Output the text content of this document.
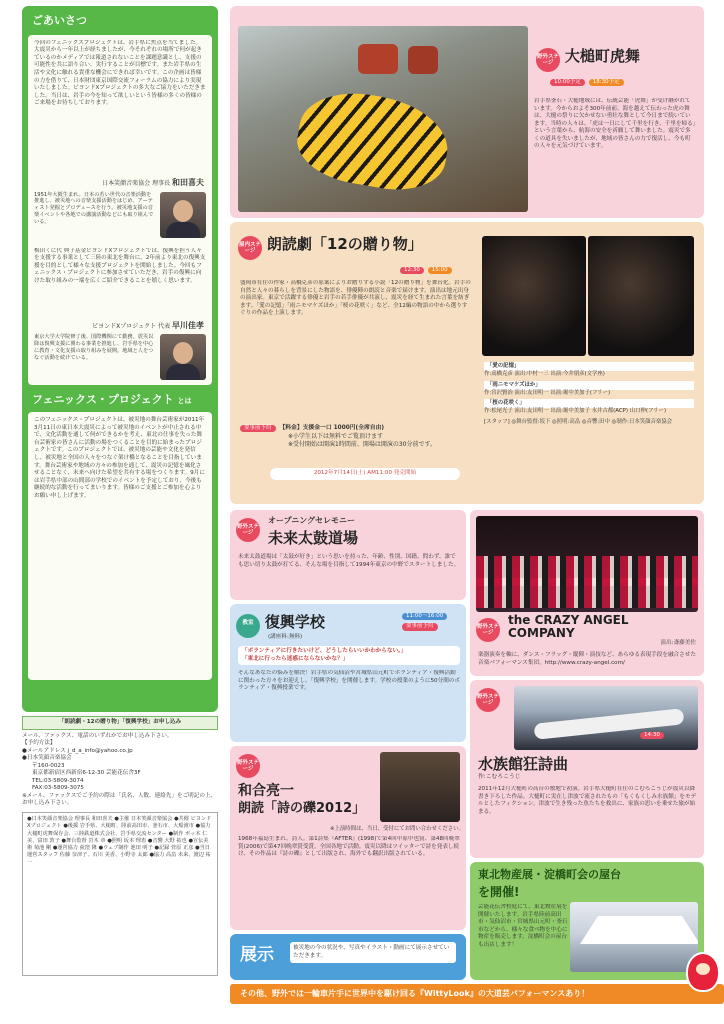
ごあいさつ
今回のフェニックスプロジェクトは、岩手県に焦点を当てました。大震災から一年以上が経ちましたが、今それぞれの場所で何が起きているのかメディアでは報道されないことを課題意識とし、支援の可能性を共に語り合い、実行することが目標です。また岩手県の生活や文化に触れる貴重な機会にできれば幸いです。この企画は皆様の力を借りて、日本財団東京国際交流フォーラムの協力により実現いたしました。ビヨンドXプロジェクトの多大なご協力をいただきました。当日は、岩手の今を知って欲しいという皆様の多くの皆様のご来場をお待ちしております。
日本笑顔音楽協会 理事長 和田喜夫

1951年大阪生まれ。日本の若い世代の音楽活動を推進し、被災地への音楽支援活動をはじめ、アーティスト発掘とプロデュースを行う。被災地支援の音楽イベントや各地での講演活動などにも取り組んでいる。

梅田くに代 典子基金ビヨンドXプロジェクトでは、復興を担う人々を支援する事業として三陸の東北を舞台に、2年前より東北の復興支援を目的として様々な支援プロジェクトを開始しました。今回もフェニックス・プロジェクトに参加させていただき、岩手の復興に向けた取り組みの一端を広くご紹介できることを嬉しく思います。
ビヨンドXプロジェクト 代表 早川佳孝

東京大学大学院修了後、国際機関にて勤務。震災以降は復興支援に関わる事業を推進し、岩手県を中心に教育・文化支援の取り組みを展開。地域と人をつなぐ活動を続けている。

フェニックス・プロジェクト とは
このフェニックス・プロジェクトは、被災地の舞台芸術家が2011年3月11日の東日本大震災によって被災地のイベントが中止される中で、文化活動を通して何ができるかを考え、東北の仕事を失った舞台芸術家の皆さんに活動の場をつくることを目的に始まったプロジェクトです。このプロジェクトでは、被災地の芸能や文化を発信し、被災地と全国の人々をつなぐ架け橋となることを目指しています。舞台芸術家や地域の方々の参加を通して、震災の記憶を風化させることなく、未来へ向けた希望を共有する場をつくります。9月には岩手県中部の山間部の学校でのイベントを予定しており、今後も継続的な活動を行ってまいります。皆様のご支援とご参加を心よりお願い申し上げます。
「朗読劇・12の贈り物」「復興学校」お申し込み
メール、ファックス、電話のいずれかでお申し込み下さい。
【予約方法】
●メールアドレス j_d_a_info@yahoo.co.jp
●日本笑顔音楽協会
〒160-0023
東京都新宿区西新宿6-12-30 芸能花伝舎3F
TEL:03-5809-3074
FAX:03-5809-3075
※メール、ファックスでご予約の際は「氏名、人数、連絡先」をご明記の上、お申し込み下さい。
●日本笑顔音楽協会 理事長 和田喜夫 ●主催 日本笑顔音楽協会 ●共催 ビヨンドXプロジェクト ●後援 岩手県、大槌町、陸前高田市、釜石市、大船渡市 ●協力 大槌町虎舞保存会、三陸鉄道株式会社、岩手県交流センター ●制作 ポッ木 仁美、富田 敦子 ●舞台監督 岩木 章 ●照明 坂本 理恵 ●音響 大野 拓也 ●宣伝美術 菊池 剛 ●運営協力 荻窪 隆 ●ウェブ制作 池田 明子 ●記録 菅原 正彦 ●当日運営スタッフ 佐藤 奈津子、石川 美香、小野寺 太郎 ●協力 高畠 未来、渡辺 祐一
野外ステージ 大槌町虎舞
10:00予定 18:30予定
岩手県釜石・大槌地域には、伝統芸能「虎舞」が受け継がれています。今からおよそ300年前前、海を越えて伝わった虎の舞は、大槌の祭りに欠かせない勇壮な舞として今日まで続いています。当時の人々は、「虎は一日にして千里を行き、千里を帰る」という言葉から、航海の安全を祈願して舞いました。震災で多くの道具を失いましたが、地域の皆さんの力で復活し、今も町の人々を元気づけています。
屋内ステージ 朗読劇「12の贈り物」
12:30 15:00
盛岡市在住の作家・高橋克彦の原案によりお贈りする小説「12の贈り物」を舞台化。岩手の自然と人々の暮らしを背景にした物語を、俳優陣の朗読と音楽で届けます。演出は地元出身の演出家。東京で活躍する俳優と岩手の若手俳優が共演し、震災を経て生まれた言葉を紡ぎます。「愛の記憶」「雨ニモマケズほか」「桜の花咲く」など、全12編の物語の中から選りすぐりの作品を上演します。
要事前予約 【料金】支援金一口 1000円(全席自由)
※小学生以下は無料でご覧頂けます
※受付開始は開演1時間前、開場は開演の30分前です。
2012年7月14日(土) AM11:00 発売開始
「愛の記憶」
作:高橋克彦 演出:中村一三 出演:今井朋彦(文学座)
「雨ニモマケズほか」
作:宮沢賢治 演出:友田明一 出演:堀中美加子(フリー)
「桜の花咲く」
作:松尾光子 演出:友田明一 出演:堀中美加子 永井古都(ACP) 山口伸(フリー)
[スタッフ] ◎舞台監督:坂下 ◎照明:高畠 ◎音響:田中 ◎制作:日本笑顔音楽協会
野外ステージ
オープニングセレモニー
未来太鼓道場
未来太鼓道場は「太鼓が好き」という思いを持った、年齢、性別、国籍、問わず、誰でも思い切り太鼓が打てる、そんな場を目指して1994年東京の中野でスタートしました。
教室 復興学校
(講座料:無料)
11:00～16:00 要事前予約
「ボランティアに行きたいけど、どうしたらいいかわからない。」
「東北に行ったら迷惑にならないかな？」
そんなあなたの悩みを解決！岩手県の気仙沼や宮城県山元町でボランティア・復興活動に関わった方々をお迎えし、「復興学校」を開催します。学校の授業のように50分間のボランティア・復興授業です。
野外ステージ
和合亮一
朗読「詩の礫2012」
※上演時間は、当日、受付にてお問い合わせください。
1968年福島生まれ。詩人。第1詩集『AFTER』(1998)で第4回中原中也賞、第48回晩翠賞(2006)で第47回晩翠賞受賞。全国各地で活動。震災以降はツイッターで詩を発表し続け、その作品は『詩の礫』として出版され、海外でも翻訳出版されている。
展示	被災地の今の状況や、写真やイラスト・動画にて展示させていただきます。
野外ステージ
the CRAZY ANGEL COMPANY
演出:斎藤美佐
楽器演奏を軸に、ダンス・フラッグ・縦陣・演技など、あらゆる表現手段を融合させた音楽パフォーマンス集団。http://www.crazy-angel.com/
野外ステージ
14:30
水族館狂詩曲
作:こむろこうじ
2011年12月大槌町の高台の敷地で初演。岩手県大槌町在住のこむろこうじが震災以降書き下ろした作品。大槌町に実在し津波で流されたもの「もくもくしみ水族館」をモデルとしたフィクション。津波で生き残った魚たちを救出に、家族の思いを乗せた旅が始まる。
東北物産展・淀橋町会の屋台
を開催!
芸能花伝舎校庭にて、東北物産展を開催いたします。岩手県陸前高田市・気仙沼市・宮城県山元町・釜石市などから、様々な食べ物を中心に物産を販売します。淀橋町会の屋台も出店します！
その他、野外では一輪車片手に世界中を駆け回る『WittyLook』の大道芸パフォーマンスあり！
